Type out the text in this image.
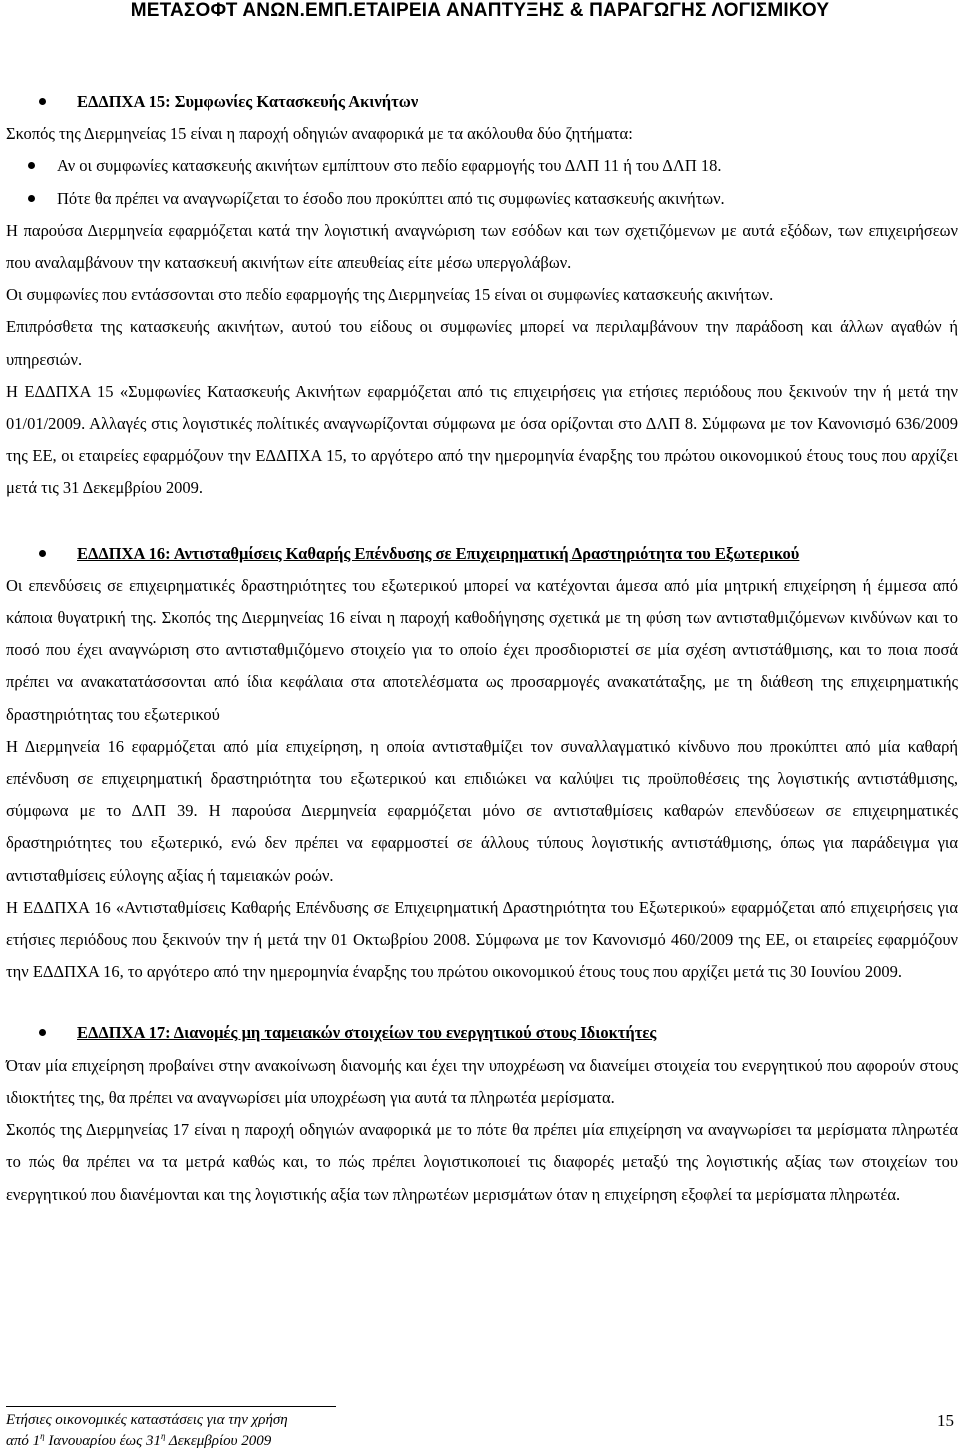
ΜΕΤΑΣΟΦΤ ΑΝΩΝ.ΕΜΠ.ΕΤΑΙΡΕΙΑ ΑΝΑΠΤΥΞΗΣ & ΠΑΡΑΓΩΓΗΣ ΛΟΓΙΣΜΙΚΟΥ

ΕΔΔΠΧΑ 15: Συμφωνίες Κατασκευής Ακινήτων

Σκοπός της Διερμηνείας 15 είναι η παροχή οδηγιών αναφορικά με τα ακόλουθα δύο ζητήματα:

Αν οι συμφωνίες κατασκευής ακινήτων εμπίπτουν στο πεδίο εφαρμογής του ΔΛΠ 11 ή του ΔΛΠ 18.

Πότε θα πρέπει να αναγνωρίζεται το έσοδο που προκύπτει από τις συμφωνίες κατασκευής ακινήτων.

Η παρούσα Διερμηνεία εφαρμόζεται κατά την λογιστική αναγνώριση των εσόδων και των σχετιζόμενων με αυτά εξόδων, των επιχειρήσεων που αναλαμβάνουν την κατασκευή ακινήτων είτε απευθείας είτε μέσω υπεργολάβων.

Οι συμφωνίες που εντάσσονται στο πεδίο εφαρμογής της Διερμηνείας 15 είναι οι συμφωνίες κατασκευής ακινήτων.

Επιπρόσθετα της κατασκευής ακινήτων, αυτού του είδους οι συμφωνίες μπορεί να περιλαμβάνουν την παράδοση και άλλων αγαθών ή υπηρεσιών.

Η ΕΔΔΠΧΑ 15 «Συμφωνίες Κατασκευής Ακινήτων εφαρμόζεται από τις επιχειρήσεις για ετήσιες περιόδους που ξεκινούν την ή μετά την 01/01/2009. Αλλαγές στις λογιστικές πολίτικές αναγνωρίζονται σύμφωνα με όσα ορίζονται στο ΔΛΠ 8. Σύμφωνα με τον Κανονισμό 636/2009 της ΕΕ, οι εταιρείες εφαρμόζουν την ΕΔΔΠΧΑ 15, το αργότερο από την ημερομηνία έναρξης του πρώτου οικονομικού έτους τους που αρχίζει μετά τις 31 Δεκεμβρίου 2009.

ΕΔΔΠΧΑ 16: Αντισταθμίσεις Καθαρής Επένδυσης σε Επιχειρηματική Δραστηριότητα του Εξωτερικού

Οι επενδύσεις σε επιχειρηματικές δραστηριότητες του εξωτερικού μπορεί να κατέχονται άμεσα από μία μητρική επιχείρηση ή έμμεσα από κάποια θυγατρική της. Σκοπός της Διερμηνείας 16 είναι η παροχή καθοδήγησης σχετικά με τη φύση των αντισταθμιζόμενων κινδύνων και το ποσό που έχει αναγνώριση στο αντισταθμιζόμενο στοιχείο για το οποίο έχει προσδιοριστεί σε μία σχέση αντιστάθμισης, και το ποια ποσά πρέπει να ανακατατάσσονται από ίδια κεφάλαια στα αποτελέσματα ως προσαρμογές ανακατάταξης, με τη διάθεση της επιχειρηματικής δραστηριότητας του εξωτερικού

Η Διερμηνεία 16 εφαρμόζεται από μία επιχείρηση, η οποία αντισταθμίζει τον συναλλαγματικό κίνδυνο που προκύπτει από μία καθαρή επένδυση σε επιχειρηματική δραστηριότητα του εξωτερικού και επιδιώκει να καλύψει τις προϋποθέσεις της λογιστικής αντιστάθμισης, σύμφωνα με το ΔΛΠ 39. Η παρούσα Διερμηνεία εφαρμόζεται μόνο σε αντισταθμίσεις καθαρών επενδύσεων σε επιχειρηματικές δραστηριότητες του εξωτερικό, ενώ δεν πρέπει να εφαρμοστεί σε άλλους τύπους λογιστικής αντιστάθμισης, όπως για παράδειγμα για αντισταθμίσεις εύλογης αξίας ή ταμειακών ροών.

Η ΕΔΔΠΧΑ 16 «Αντισταθμίσεις Καθαρής Επένδυσης σε Επιχειρηματική Δραστηριότητα του Εξωτερικού» εφαρμόζεται από επιχειρήσεις για ετήσιες περιόδους που ξεκινούν την ή μετά την 01 Οκτωβρίου 2008. Σύμφωνα με τον Κανονισμό 460/2009 της ΕΕ, οι εταιρείες εφαρμόζουν την ΕΔΔΠΧΑ 16, το αργότερο από την ημερομηνία έναρξης του πρώτου οικονομικού έτους τους που αρχίζει μετά τις 30 Ιουνίου 2009.

ΕΔΔΠΧΑ 17: Διανομές μη ταμειακών στοιχείων του ενεργητικού στους Ιδιοκτήτες

Όταν μία επιχείρηση προβαίνει στην ανακοίνωση διανομής και έχει την υποχρέωση να διανείμει στοιχεία του ενεργητικού που αφορούν στους ιδιοκτήτες της, θα πρέπει να αναγνωρίσει μία υποχρέωση για αυτά τα πληρωτέα μερίσματα.

Σκοπός της Διερμηνείας 17 είναι η παροχή οδηγιών αναφορικά με το πότε θα πρέπει μία επιχείρηση να αναγνωρίσει τα μερίσματα πληρωτέα το πώς θα πρέπει να τα μετρά καθώς και, το πώς πρέπει λογιστικοποιεί τις διαφορές μεταξύ της λογιστικής αξίας των στοιχείων του ενεργητικού που διανέμονται και της λογιστικής αξία των πληρωτέων μερισμάτων όταν η επιχείρηση εξοφλεί τα μερίσματα πληρωτέα.

Ετήσιες οικονομικές καταστάσεις για την χρήση
από $1^\eta$ Ιανουαρίου έως $31^\eta$ Δεκεμβρίου 2009
15
